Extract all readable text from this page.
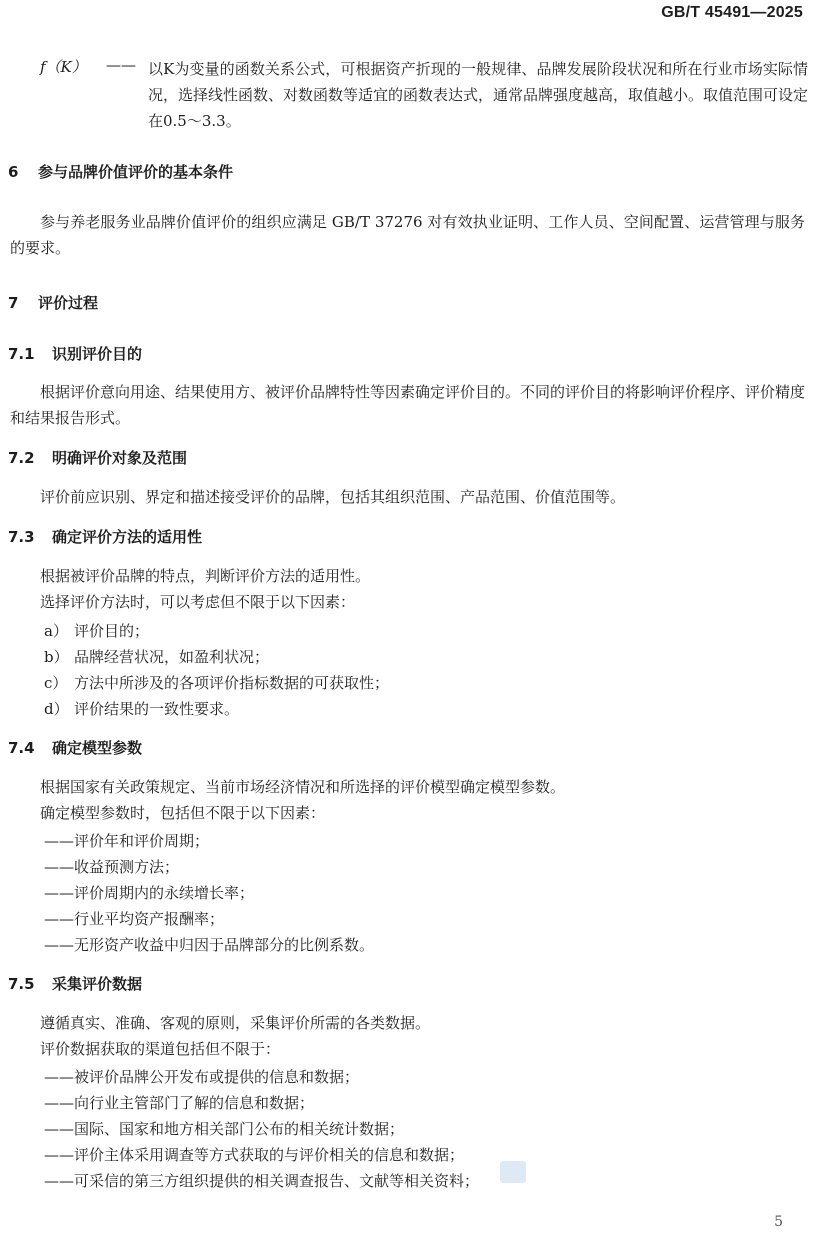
GB/T 45491—2025
f（K） —— 以K为变量的函数关系公式，可根据资产折现的一般规律、品牌发展阶段状况和所在行业市场实际情况，选择线性函数、对数函数等适宜的函数表达式，通常品牌强度越高，取值越小。取值范围可设定在0.5～3.3。
6 参与品牌价值评价的基本条件
参与养老服务业品牌价值评价的组织应满足 GB/T 37276 对有效执业证明、工作人员、空间配置、运营管理与服务的要求。
7 评价过程
7.1 识别评价目的
根据评价意向用途、结果使用方、被评价品牌特性等因素确定评价目的。不同的评价目的将影响评价程序、评价精度和结果报告形式。
7.2 明确评价对象及范围
评价前应识别、界定和描述接受评价的品牌，包括其组织范围、产品范围、价值范围等。
7.3 确定评价方法的适用性
根据被评价品牌的特点，判断评价方法的适用性。
选择评价方法时，可以考虑但不限于以下因素：
a） 评价目的；
b） 品牌经营状况，如盈利状况；
c） 方法中所涉及的各项评价指标数据的可获取性；
d） 评价结果的一致性要求。
7.4 确定模型参数
根据国家有关政策规定、当前市场经济情况和所选择的评价模型确定模型参数。
确定模型参数时，包括但不限于以下因素：
——评价年和评价周期；
——收益预测方法；
——评价周期内的永续增长率；
——行业平均资产报酬率；
——无形资产收益中归因于品牌部分的比例系数。
7.5 采集评价数据
遵循真实、准确、客观的原则，采集评价所需的各类数据。
评价数据获取的渠道包括但不限于：
——被评价品牌公开发布或提供的信息和数据；
——向行业主管部门了解的信息和数据；
——国际、国家和地方相关部门公布的相关统计数据；
——评价主体采用调查等方式获取的与评价相关的信息和数据；
——可采信的第三方组织提供的相关调查报告、文献等相关资料；
5
